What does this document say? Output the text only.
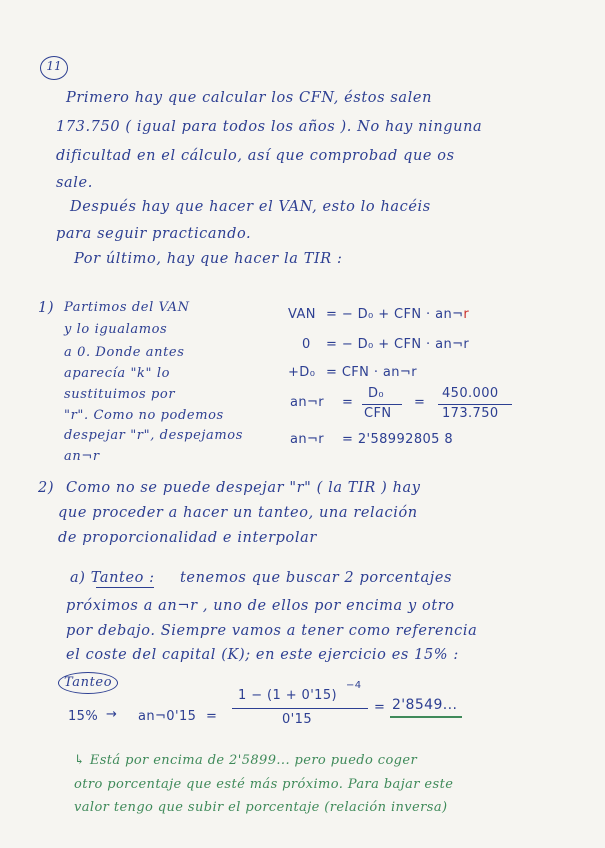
11
Primero hay que calcular los CFN, éstos salen
173.750 ( igual para todos los años ). No hay ninguna
dificultad en el cálculo, así que comprobad que os
sale.
Después hay que hacer el VAN, esto lo hacéis
para seguir practicando.
Por último, hay que hacer la TIR :
1) Partimos del VAN
y lo igualamos
a 0. Donde antes
aparecía "k" lo
sustituimos por
"r". Como no podemos
despejar "r", despejamos
an¬r
VAN = − D₀ + CFN · an¬r
0 = − D₀ + CFN · an¬r
+D₀ = CFN · an¬r
an¬r =
D₀
CFN
=
450.000
173.750
an¬r = 2'58992805 8
2) Como no se puede despejar "r" ( la TIR ) hay
que proceder a hacer un tanteo, una relación
de proporcionalidad e interpolar
a) Tanteo : tenemos que buscar 2 porcentajes
próximos a an¬r , uno de ellos por encima y otro
por debajo. Siempre vamos a tener como referencia
el coste del capital (K); en este ejercicio es 15% :
Tanteo
15% → an¬0'15 =
1 − (1 + 0'15)
−4
0'15
= 2'8549...
↳ Está por encima de 2'5899... pero puedo coger
otro porcentaje que esté más próximo. Para bajar este
valor tengo que subir el porcentaje (relación inversa)
